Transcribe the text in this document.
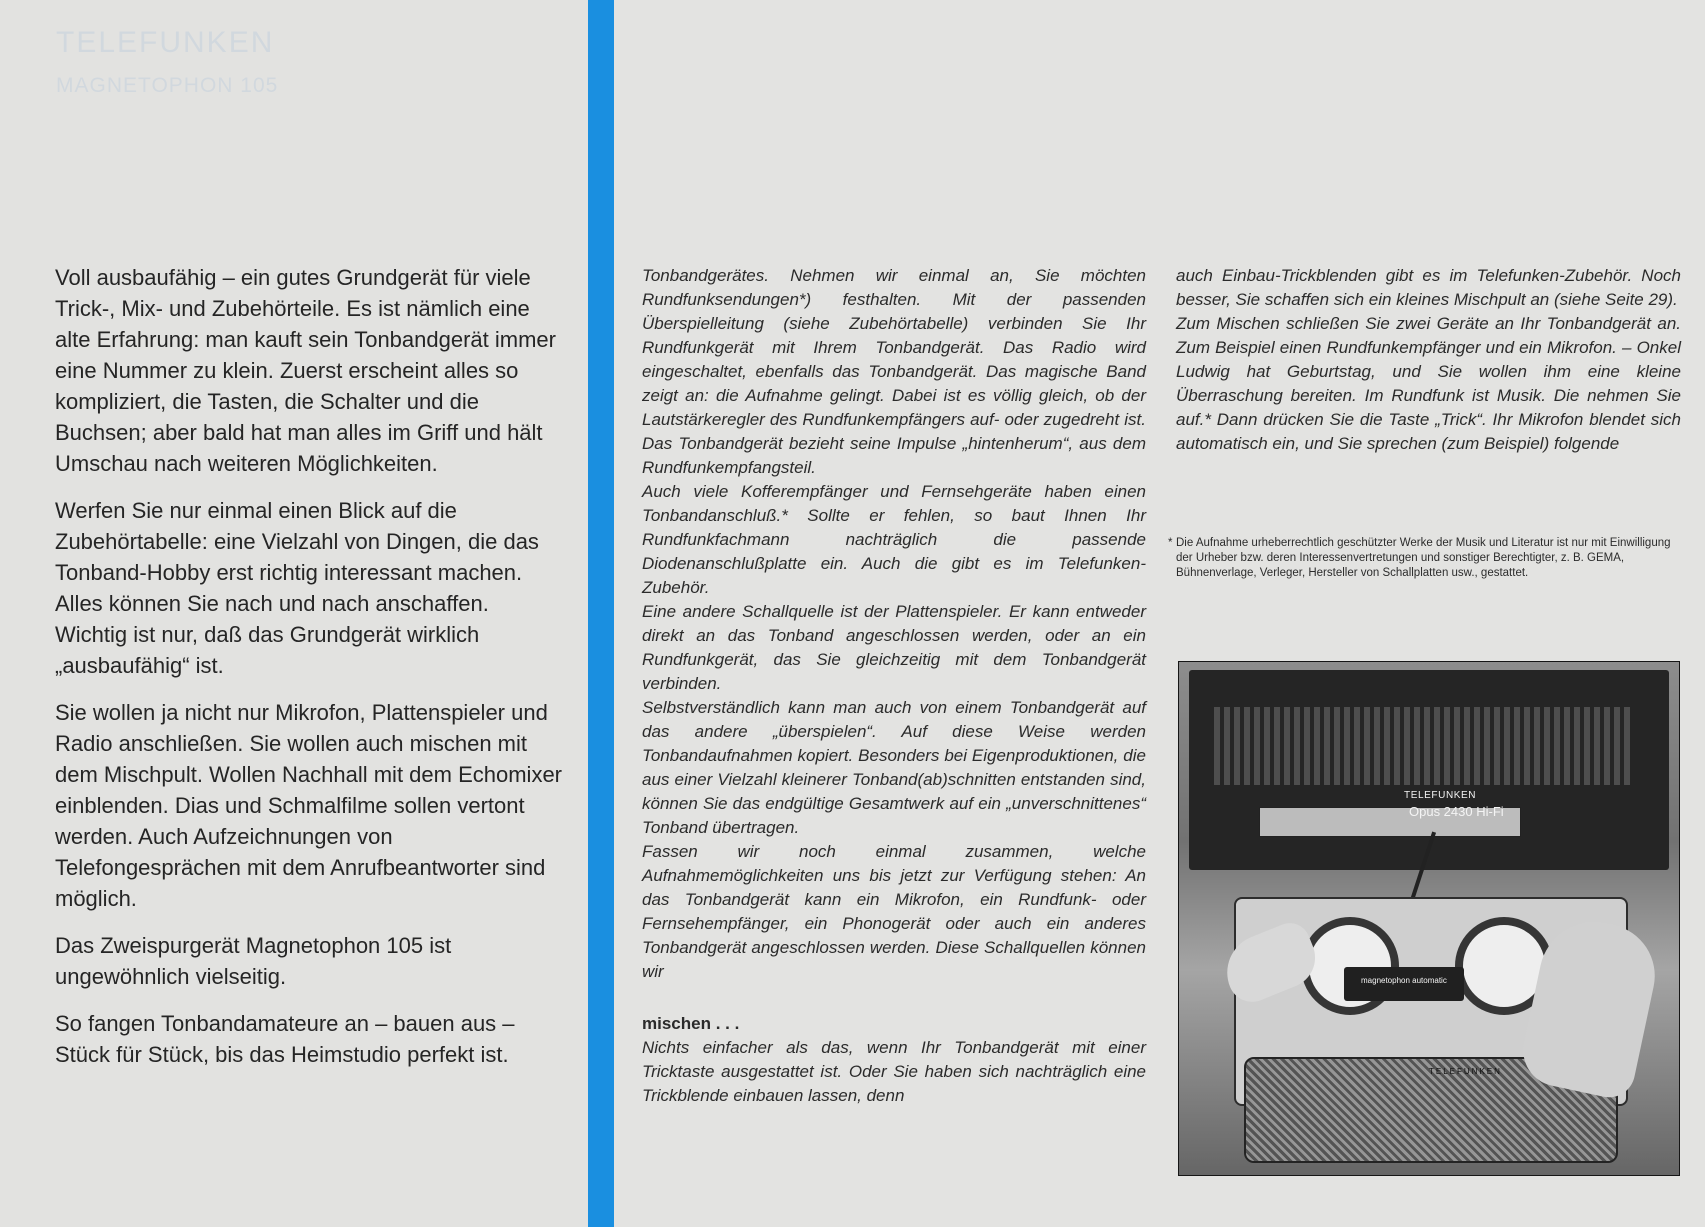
TELEFUNKEN
MAGNETOPHON 105

Voll ausbaufähig – ein gutes Grundgerät für viele Trick-, Mix- und Zubehörteile. Es ist nämlich eine alte Erfahrung: man kauft sein Tonbandgerät immer eine Nummer zu klein. Zuerst erscheint alles so kompliziert, die Tasten, die Schalter und die Buchsen; aber bald hat man alles im Griff und hält Umschau nach weiteren Möglichkeiten.

Werfen Sie nur einmal einen Blick auf die Zubehörtabelle: eine Vielzahl von Dingen, die das Tonband-Hobby erst richtig interessant machen. Alles können Sie nach und nach anschaffen. Wichtig ist nur, daß das Grundgerät wirklich „ausbaufähig“ ist.

Sie wollen ja nicht nur Mikrofon, Plattenspieler und Radio anschließen. Sie wollen auch mischen mit dem Mischpult. Wollen Nachhall mit dem Echomixer einblenden. Dias und Schmalfilme sollen vertont werden. Auch Aufzeichnungen von Telefongesprächen mit dem Anrufbeantworter sind möglich.

Das Zweispurgerät Magnetophon 105 ist ungewöhnlich vielseitig.

So fangen Tonbandamateure an – bauen aus – Stück für Stück, bis das Heimstudio perfekt ist.

Tonbandgerätes. Nehmen wir einmal an, Sie möchten Rundfunksendungen*) festhalten. Mit der passenden Überspielleitung (siehe Zubehörtabelle) verbinden Sie Ihr Rundfunkgerät mit Ihrem Tonbandgerät. Das Radio wird eingeschaltet, ebenfalls das Tonbandgerät. Das magische Band zeigt an: die Aufnahme gelingt. Dabei ist es völlig gleich, ob der Lautstärkeregler des Rundfunkempfängers auf- oder zugedreht ist. Das Tonbandgerät bezieht seine Impulse „hintenherum“, aus dem Rundfunkempfangsteil.

Auch viele Kofferempfänger und Fernsehgeräte haben einen Tonbandanschluß.* Sollte er fehlen, so baut Ihnen Ihr Rundfunkfachmann nachträglich die passende Diodenanschlußplatte ein. Auch die gibt es im Telefunken-Zubehör.

Eine andere Schallquelle ist der Plattenspieler. Er kann entweder direkt an das Tonband angeschlossen werden, oder an ein Rundfunkgerät, das Sie gleichzeitig mit dem Tonbandgerät verbinden.

Selbstverständlich kann man auch von einem Tonbandgerät auf das andere „überspielen“. Auf diese Weise werden Tonbandaufnahmen kopiert. Besonders bei Eigenproduktionen, die aus einer Vielzahl kleinerer Tonband(ab)schnitten entstanden sind, können Sie das endgültige Gesamtwerk auf ein „unverschnittenes“ Tonband übertragen.

Fassen wir noch einmal zusammen, welche Aufnahmemöglichkeiten uns bis jetzt zur Verfügung stehen: An das Tonbandgerät kann ein Mikrofon, ein Rundfunk- oder Fernsehempfänger, ein Phonogerät oder auch ein anderes Tonbandgerät angeschlossen werden. Diese Schallquellen können wir

mischen . . .

Nichts einfacher als das, wenn Ihr Tonbandgerät mit einer Tricktaste ausgestattet ist. Oder Sie haben sich nachträglich eine Trickblende einbauen lassen, denn

auch Einbau-Trickblenden gibt es im Telefunken-Zubehör. Noch besser, Sie schaffen sich ein kleines Mischpult an (siehe Seite 29).

Zum Mischen schließen Sie zwei Geräte an Ihr Tonbandgerät an. Zum Beispiel einen Rundfunkempfänger und ein Mikrofon. – Onkel Ludwig hat Geburtstag, und Sie wollen ihm eine kleine Überraschung bereiten. Im Rundfunk ist Musik. Die nehmen Sie auf.* Dann drücken Sie die Taste „Trick“. Ihr Mikrofon blendet sich automatisch ein, und Sie sprechen (zum Beispiel) folgende

* Die Aufnahme urheberrechtlich geschützter Werke der Musik und Literatur ist nur mit Einwilligung der Urheber bzw. deren Interessenvertretungen und sonstiger Berechtigter, z. B. GEMA, Bühnenverlage, Verleger, Hersteller von Schallplatten usw., gestattet.
TELEFUNKEN
Opus 2430 Hi-Fi
magnetophon automatic
TELEFUNKEN
